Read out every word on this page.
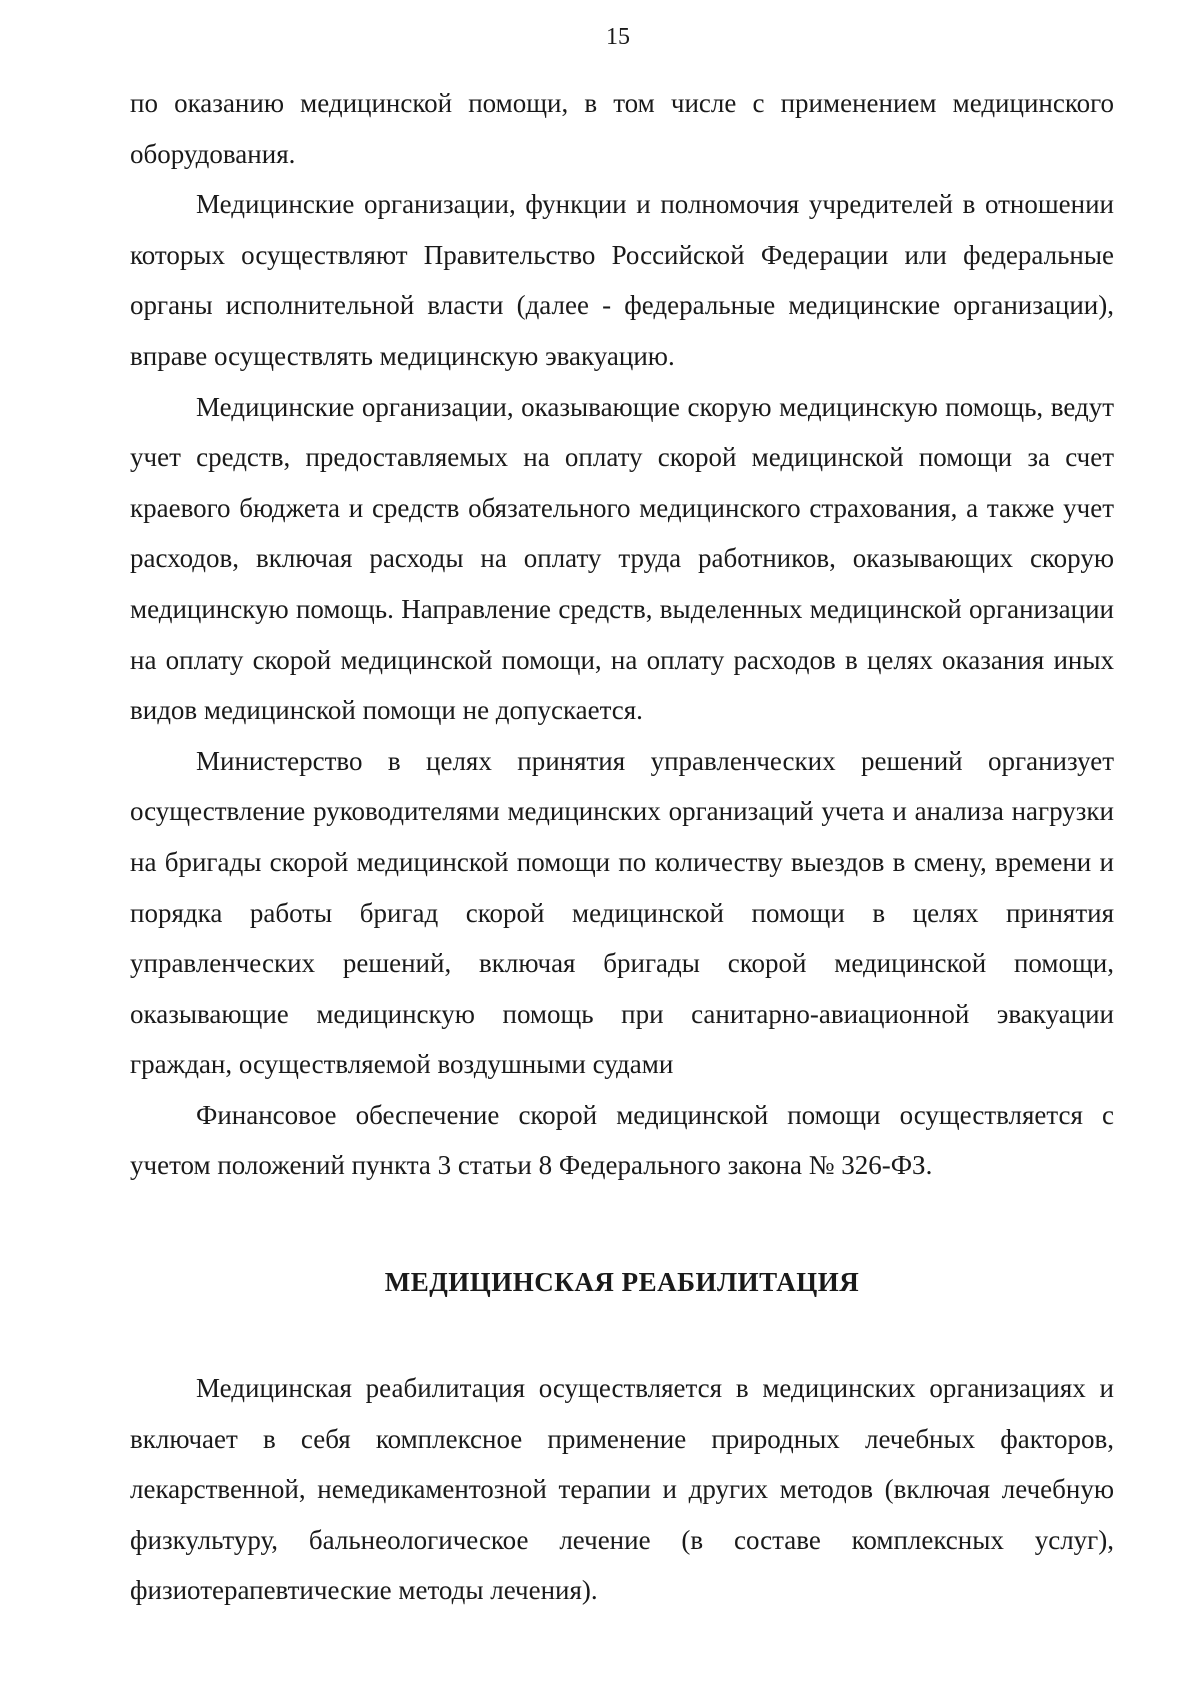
15

по оказанию медицинской помощи, в том числе с применением медицинского оборудования.

Медицинские организации, функции и полномочия учредителей в отношении которых осуществляют Правительство Российской Федерации или федеральные органы исполнительной власти (далее - федеральные медицинские организации), вправе осуществлять медицинскую эвакуацию.

Медицинские организации, оказывающие скорую медицинскую помощь, ведут учет средств, предоставляемых на оплату скорой медицинской помощи за счет краевого бюджета и средств обязательного медицинского страхования, а также учет расходов, включая расходы на оплату труда работников, оказывающих скорую медицинскую помощь. Направление средств, выделенных медицинской организации на оплату скорой медицинской помощи, на оплату расходов в целях оказания иных видов медицинской помощи не допускается.

Министерство в целях принятия управленческих решений организует осуществление руководителями медицинских организаций учета и анализа нагрузки на бригады скорой медицинской помощи по количеству выездов в смену, времени и порядка работы бригад скорой медицинской помощи в целях принятия управленческих решений, включая бригады скорой медицинской помощи, оказывающие медицинскую помощь при санитарно-авиационной эвакуации граждан, осуществляемой воздушными судами

Финансовое обеспечение скорой медицинской помощи осуществляется с учетом положений пункта 3 статьи 8 Федерального закона № 326-ФЗ.

МЕДИЦИНСКАЯ РЕАБИЛИТАЦИЯ

Медицинская реабилитация осуществляется в медицинских организациях и включает в себя комплексное применение природных лечебных факторов, лекарственной, немедикаментозной терапии и других методов (включая лечебную физкультуру, бальнеологическое лечение (в составе комплексных услуг), физиотерапевтические методы лечения).
